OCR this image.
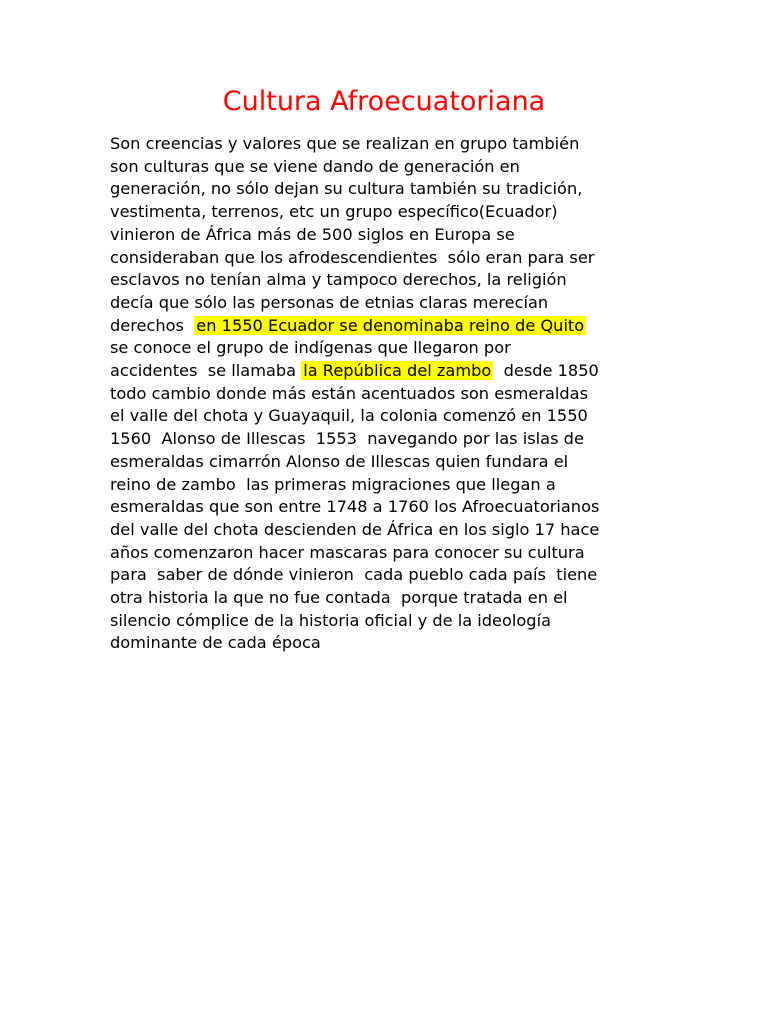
Cultura Afroecuatoriana
Son creencias y valores que se realizan en grupo también
son culturas que se viene dando de generación en
generación, no sólo dejan su cultura también su tradición,
vestimenta, terrenos, etc un grupo específico(Ecuador)
vinieron de África más de 500 siglos en Europa se
consideraban que los afrodescendientes  sólo eran para ser
esclavos no tenían alma y tampoco derechos, la religión
decía que sólo las personas de etnias claras merecían
derechos  en 1550 Ecuador se denominaba reino de Quito
se conoce el grupo de indígenas que llegaron por
accidentes  se llamaba la República del zambo  desde 1850
todo cambio donde más están acentuados son esmeraldas
el valle del chota y Guayaquil, la colonia comenzó en 1550
1560  Alonso de Illescas  1553  navegando por las islas de
esmeraldas cimarrón Alonso de Illescas quien fundara el
reino de zambo  las primeras migraciones que llegan a
esmeraldas que son entre 1748 a 1760 los Afroecuatorianos
del valle del chota descienden de África en los siglo 17 hace
años comenzaron hacer mascaras para conocer su cultura
para  saber de dónde vinieron  cada pueblo cada país  tiene
otra historia la que no fue contada  porque tratada en el
silencio cómplice de la historia oficial y de la ideología
dominante de cada época
